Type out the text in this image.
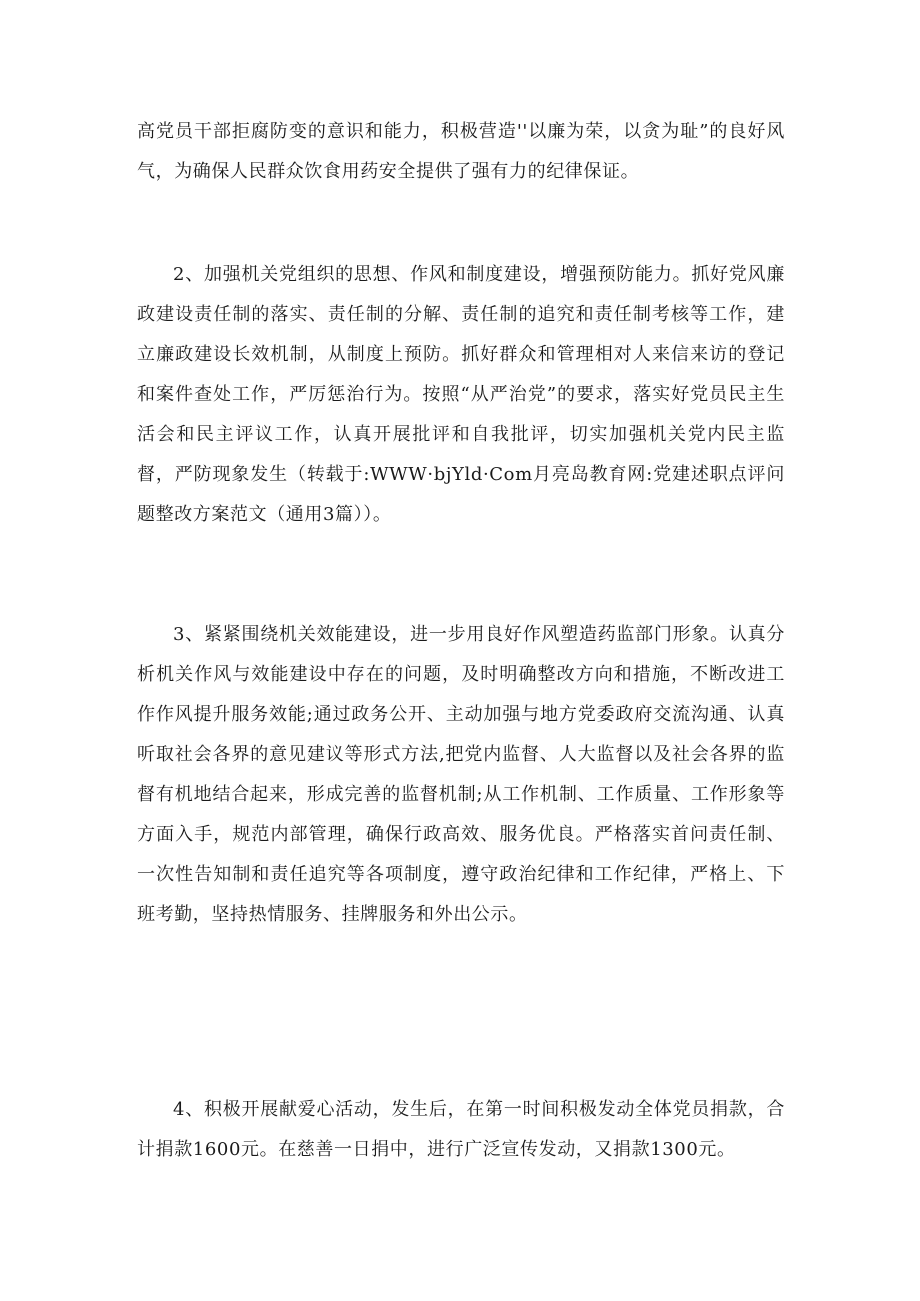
高党员干部拒腐防变的意识和能力，积极营造''以廉为荣，以贪为耻”的良好风气，为确保人民群众饮食用药安全提供了强有力的纪律保证。

2、加强机关党组织的思想、作风和制度建设，增强预防能力。抓好党风廉政建设责任制的落实、责任制的分解、责任制的追究和责任制考核等工作，建立廉政建设长效机制，从制度上预防。抓好群众和管理相对人来信来访的登记和案件查处工作，严厉惩治行为。按照“从严治党”的要求，落实好党员民主生活会和民主评议工作，认真开展批评和自我批评，切实加强机关党内民主监督，严防现象发生（转载于:WWW·bjYld·Com月亮岛教育网:党建述职点评问题整改方案范文（通用3篇））。

3、紧紧围绕机关效能建设，进一步用良好作风塑造药监部门形象。认真分析机关作风与效能建设中存在的问题，及时明确整改方向和措施，不断改进工作作风提升服务效能;通过政务公开、主动加强与地方党委政府交流沟通、认真听取社会各界的意见建议等形式方法,把党内监督、人大监督以及社会各界的监督有机地结合起来，形成完善的监督机制;从工作机制、工作质量、工作形象等方面入手，规范内部管理，确保行政高效、服务优良。严格落实首问责任制、一次性告知制和责任追究等各项制度，遵守政治纪律和工作纪律，严格上、下班考勤，坚持热情服务、挂牌服务和外出公示。

4、积极开展献爱心活动，发生后，在第一时间积极发动全体党员捐款，合计捐款1600元。在慈善一日捐中，进行广泛宣传发动，又捐款1300元。
